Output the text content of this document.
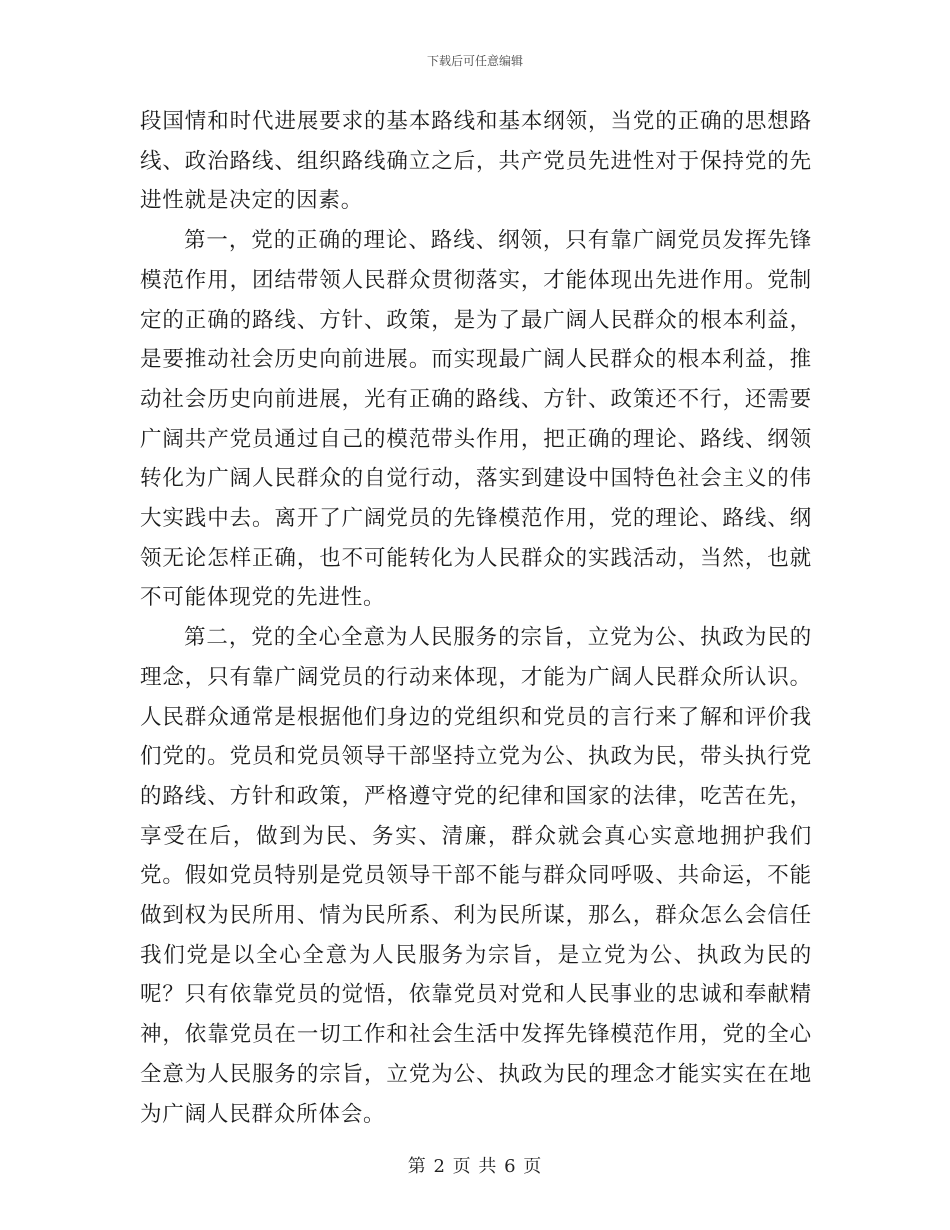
下载后可任意编辑

段国情和时代进展要求的基本路线和基本纲领，当党的正确的思想路线、政治路线、组织路线确立之后，共产党员先进性对于保持党的先进性就是决定的因素。

第一，党的正确的理论、路线、纲领，只有靠广阔党员发挥先锋模范作用，团结带领人民群众贯彻落实，才能体现出先进作用。党制定的正确的路线、方针、政策，是为了最广阔人民群众的根本利益，是要推动社会历史向前进展。而实现最广阔人民群众的根本利益，推动社会历史向前进展，光有正确的路线、方针、政策还不行，还需要广阔共产党员通过自己的模范带头作用，把正确的理论、路线、纲领转化为广阔人民群众的自觉行动，落实到建设中国特色社会主义的伟大实践中去。离开了广阔党员的先锋模范作用，党的理论、路线、纲领无论怎样正确，也不可能转化为人民群众的实践活动，当然，也就不可能体现党的先进性。

第二，党的全心全意为人民服务的宗旨，立党为公、执政为民的理念，只有靠广阔党员的行动来体现，才能为广阔人民群众所认识。人民群众通常是根据他们身边的党组织和党员的言行来了解和评价我们党的。党员和党员领导干部坚持立党为公、执政为民，带头执行党的路线、方针和政策，严格遵守党的纪律和国家的法律，吃苦在先，享受在后，做到为民、务实、清廉，群众就会真心实意地拥护我们党。假如党员特别是党员领导干部不能与群众同呼吸、共命运，不能做到权为民所用、情为民所系、利为民所谋，那么，群众怎么会信任我们党是以全心全意为人民服务为宗旨，是立党为公、执政为民的呢？只有依靠党员的觉悟，依靠党员对党和人民事业的忠诚和奉献精神，依靠党员在一切工作和社会生活中发挥先锋模范作用，党的全心全意为人民服务的宗旨，立党为公、执政为民的理念才能实实在在地为广阔人民群众所体会。

第 2 页 共 6 页
